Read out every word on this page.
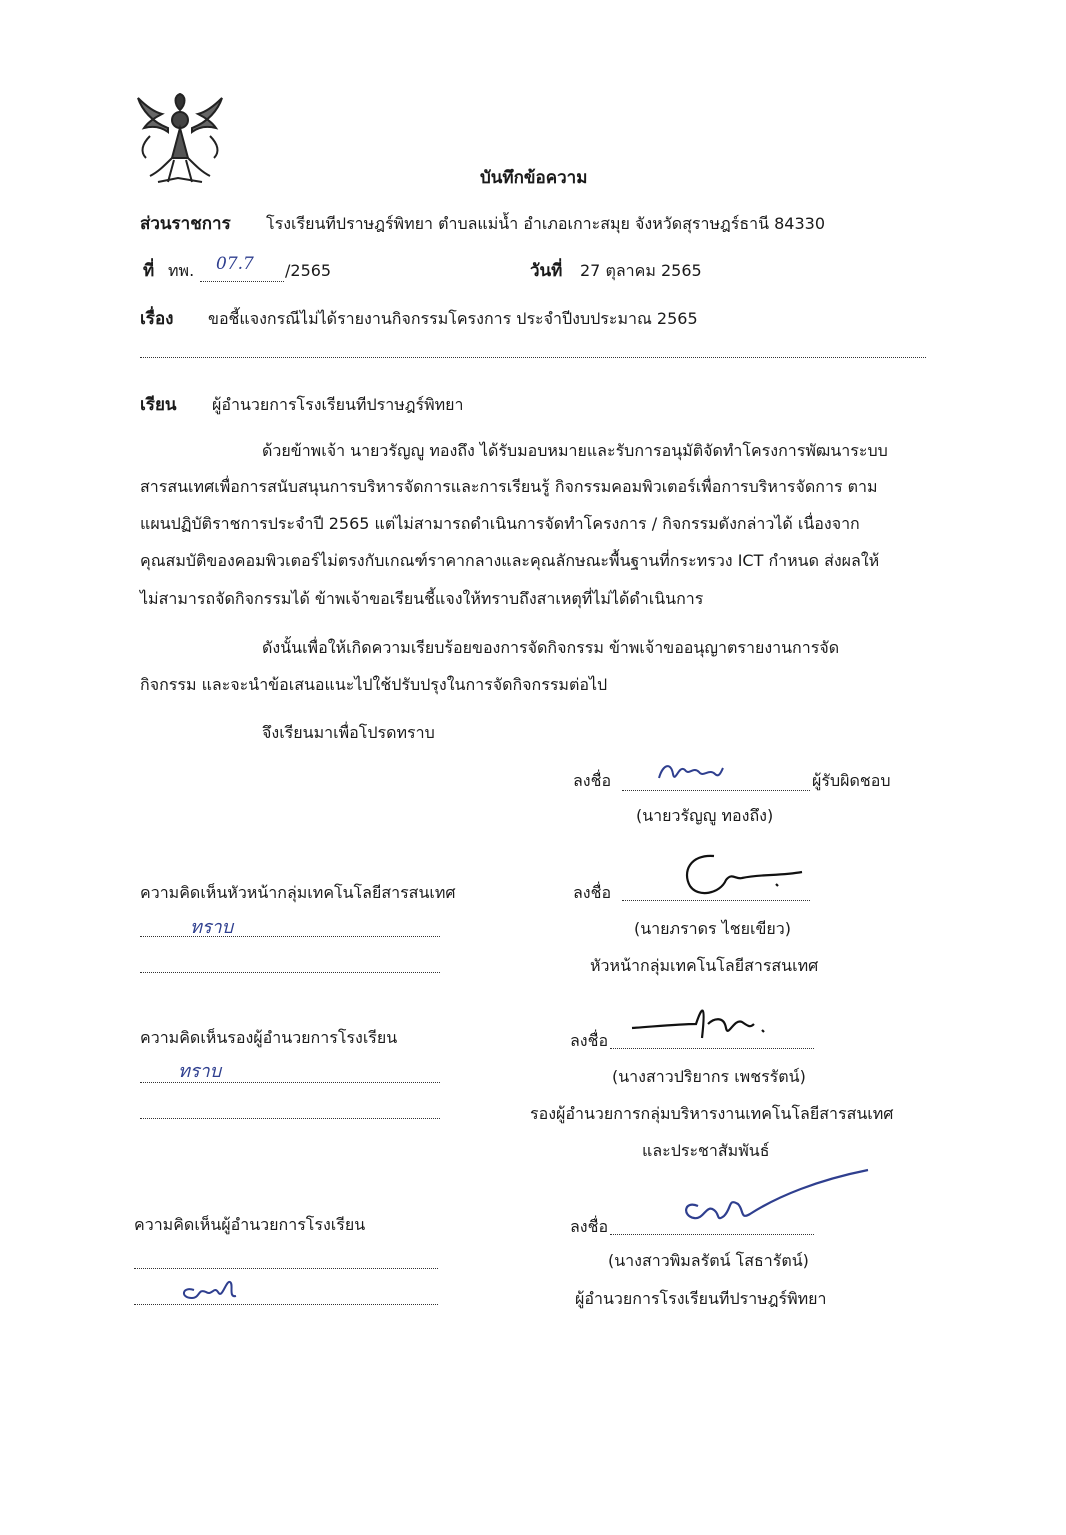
บันทึกข้อความ
ส่วนราชการ โรงเรียนทีปราษฎร์พิทยา ตำบลแม่น้ำ อำเภอเกาะสมุย จังหวัดสุราษฎร์ธานี 84330
ที่ ทพ. 07.7 /2565	วันที่ 27 ตุลาคม 2565
เรื่อง ขอชี้แจงกรณีไม่ได้รายงานกิจกรรมโครงการ ประจำปีงบประมาณ 2565
เรียน ผู้อำนวยการโรงเรียนทีปราษฎร์พิทยา
ด้วยข้าพเจ้า นายวรัญญู ทองถึง ได้รับมอบหมายและรับการอนุมัติจัดทำโครงการพัฒนาระบบ
สารสนเทศเพื่อการสนับสนุนการบริหารจัดการและการเรียนรู้ กิจกรรมคอมพิวเตอร์เพื่อการบริหารจัดการ ตาม
แผนปฏิบัติราชการประจำปี 2565 แต่ไม่สามารถดำเนินการจัดทำโครงการ / กิจกรรมดังกล่าวได้ เนื่องจาก
คุณสมบัติของคอมพิวเตอร์ไม่ตรงกับเกณฑ์ราคากลางและคุณลักษณะพื้นฐานที่กระทรวง ICT กำหนด ส่งผลให้
ไม่สามารถจัดกิจกรรมได้ ข้าพเจ้าขอเรียนชี้แจงให้ทราบถึงสาเหตุที่ไม่ได้ดำเนินการ
ดังนั้นเพื่อให้เกิดความเรียบร้อยของการจัดกิจกรรม ข้าพเจ้าขออนุญาตรายงานการจัด
กิจกรรม และจะนำข้อเสนอแนะไปใช้ปรับปรุงในการจัดกิจกรรมต่อไป
จึงเรียนมาเพื่อโปรดทราบ
ลงชื่อ	ผู้รับผิดชอบ
(นายวรัญญู ทองถึง)
ความคิดเห็นหัวหน้ากลุ่มเทคโนโลยีสารสนเทศ
ทราบ
ลงชื่อ
(นายภราดร ไชยเขียว)
หัวหน้ากลุ่มเทคโนโลยีสารสนเทศ
ความคิดเห็นรองผู้อำนวยการโรงเรียน
ทราบ
ลงชื่อ
(นางสาวปริยากร เพชรรัตน์)
รองผู้อำนวยการกลุ่มบริหารงานเทคโนโลยีสารสนเทศ
และประชาสัมพันธ์
ความคิดเห็นผู้อำนวยการโรงเรียน	ลงชื่อ
(นางสาวพิมลรัตน์ โสธารัตน์)
ผู้อำนวยการโรงเรียนทีปราษฎร์พิทยา
